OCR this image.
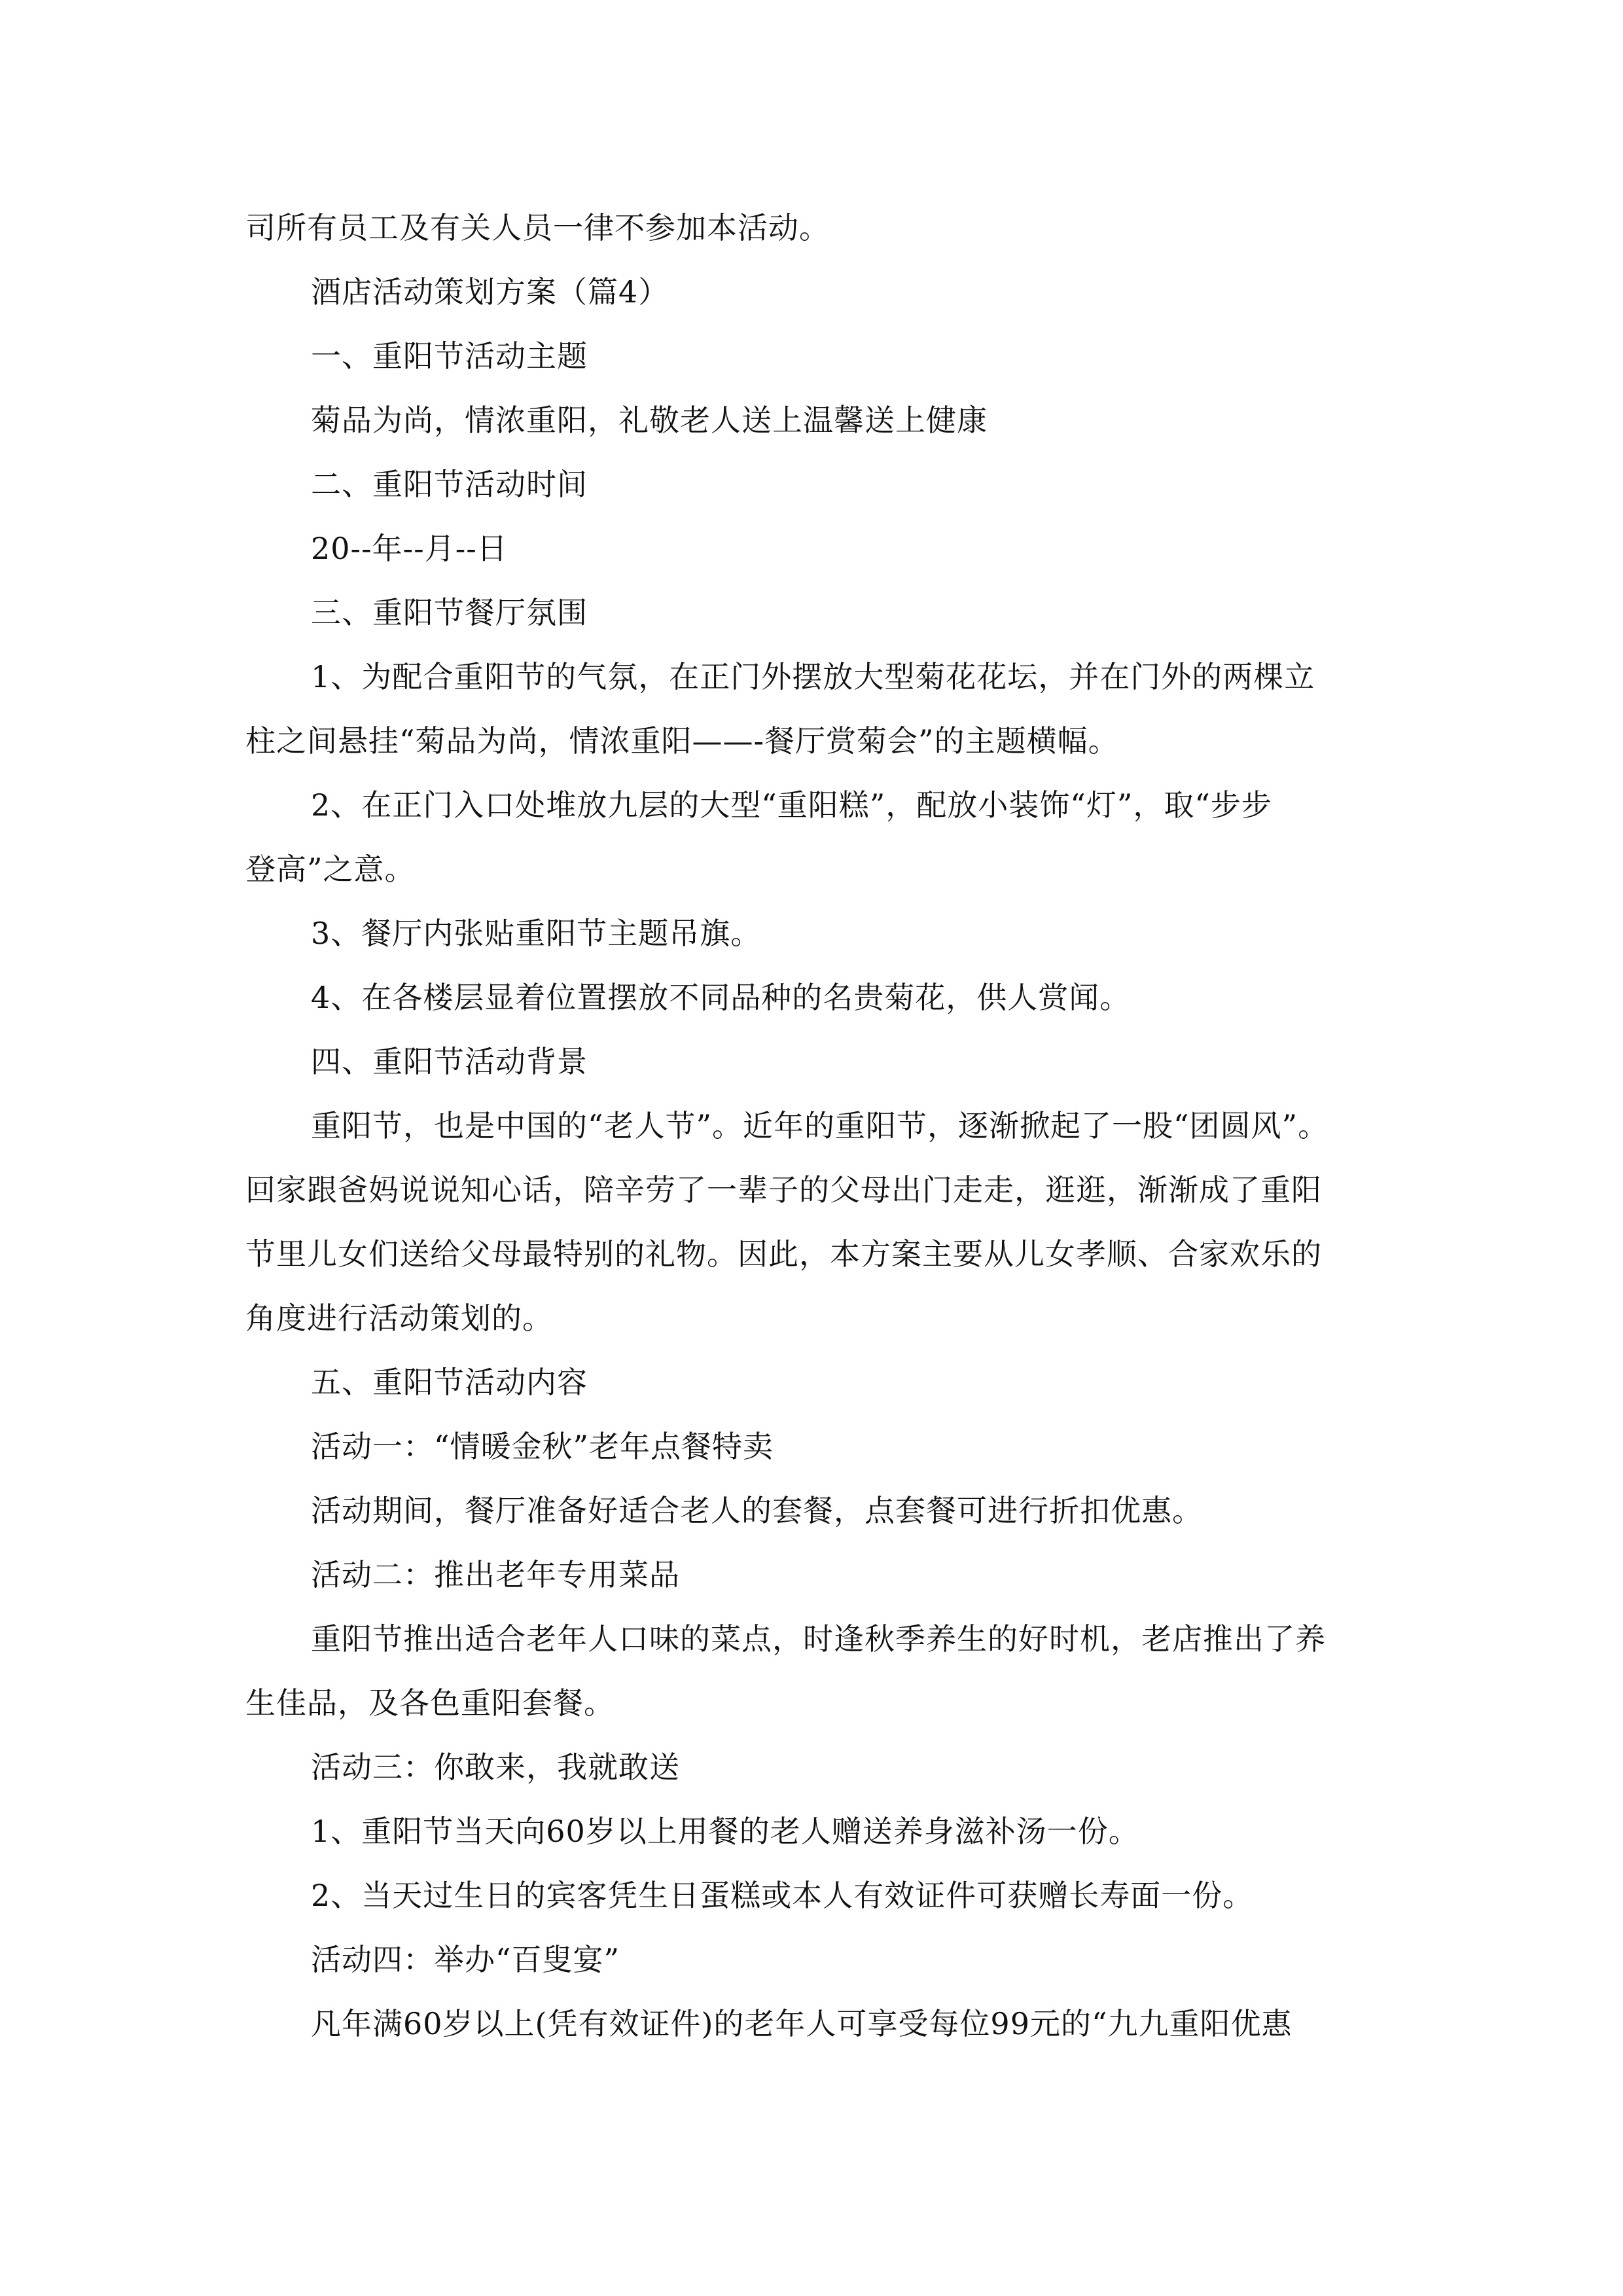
司所有员工及有关人员一律不参加本活动。
酒店活动策划方案（篇4）
一、重阳节活动主题
菊品为尚，情浓重阳，礼敬老人送上温馨送上健康
二、重阳节活动时间
20--年--月--日
三、重阳节餐厅氛围
1、为配合重阳节的气氛，在正门外摆放大型菊花花坛，并在门外的两棵立
柱之间悬挂“菊品为尚，情浓重阳——-餐厅赏菊会”的主题横幅。
2、在正门入口处堆放九层的大型“重阳糕”，配放小装饰“灯”，取“步步
登高”之意。
3、餐厅内张贴重阳节主题吊旗。
4、在各楼层显着位置摆放不同品种的名贵菊花，供人赏闻。
四、重阳节活动背景
重阳节，也是中国的“老人节”。近年的重阳节，逐渐掀起了一股“团圆风”。
回家跟爸妈说说知心话，陪辛劳了一辈子的父母出门走走，逛逛，渐渐成了重阳
节里儿女们送给父母最特别的礼物。因此，本方案主要从儿女孝顺、合家欢乐的
角度进行活动策划的。
五、重阳节活动内容
活动一：“情暖金秋”老年点餐特卖
活动期间，餐厅准备好适合老人的套餐，点套餐可进行折扣优惠。
活动二：推出老年专用菜品
重阳节推出适合老年人口味的菜点，时逢秋季养生的好时机，老店推出了养
生佳品，及各色重阳套餐。
活动三：你敢来，我就敢送
1、重阳节当天向60岁以上用餐的老人赠送养身滋补汤一份。
2、当天过生日的宾客凭生日蛋糕或本人有效证件可获赠长寿面一份。
活动四：举办“百叟宴”
凡年满60岁以上(凭有效证件)的老年人可享受每位99元的“九九重阳优惠
